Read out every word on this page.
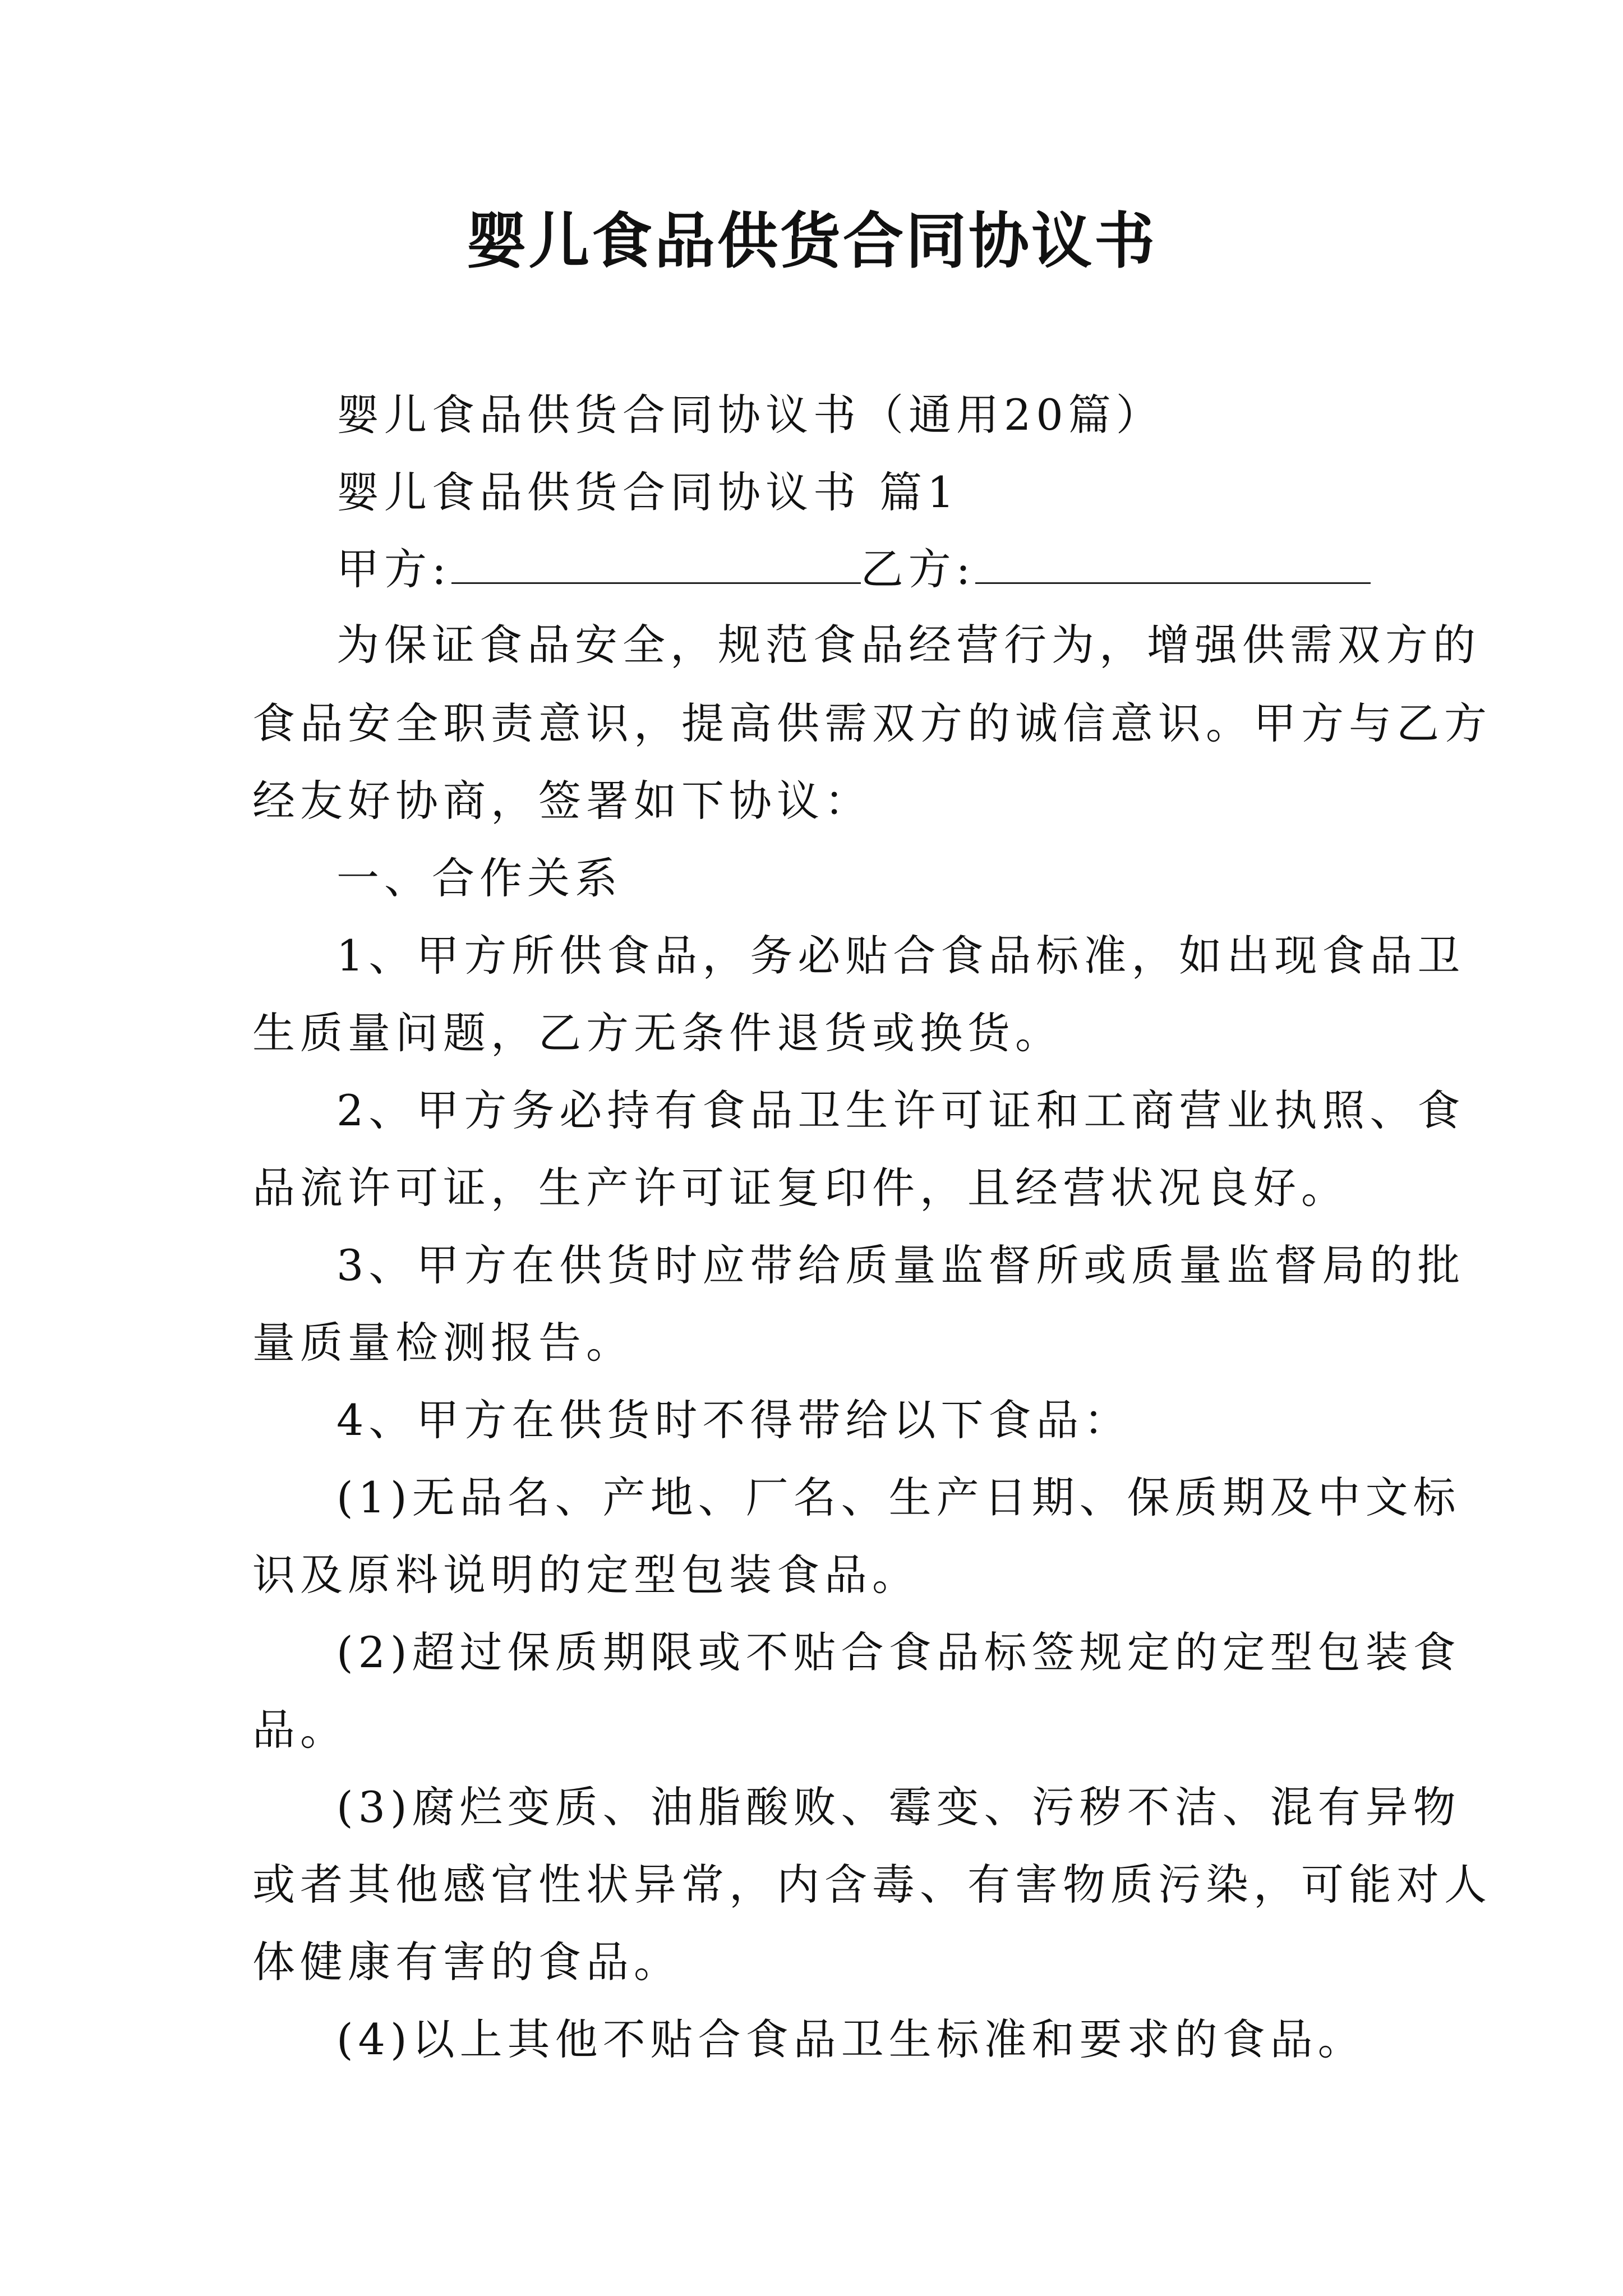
婴儿食品供货合同协议书
婴儿食品供货合同协议书（通用20篇）
婴儿食品供货合同协议书 篇1
甲方:	乙方:
为保证食品安全，规范食品经营行为，增强供需双方的
食品安全职责意识，提高供需双方的诚信意识。甲方与乙方
经友好协商，签署如下协议：
一、合作关系
1、甲方所供食品，务必贴合食品标准，如出现食品卫
生质量问题，乙方无条件退货或换货。
2、甲方务必持有食品卫生许可证和工商营业执照、食
品流许可证，生产许可证复印件，且经营状况良好。
3、甲方在供货时应带给质量监督所或质量监督局的批
量质量检测报告。
4、甲方在供货时不得带给以下食品：
(1)无品名、产地、厂名、生产日期、保质期及中文标
识及原料说明的定型包装食品。
(2)超过保质期限或不贴合食品标签规定的定型包装食
品。
(3)腐烂变质、油脂酸败、霉变、污秽不洁、混有异物
或者其他感官性状异常，内含毒、有害物质污染，可能对人
体健康有害的食品。
(4)以上其他不贴合食品卫生标准和要求的食品。
